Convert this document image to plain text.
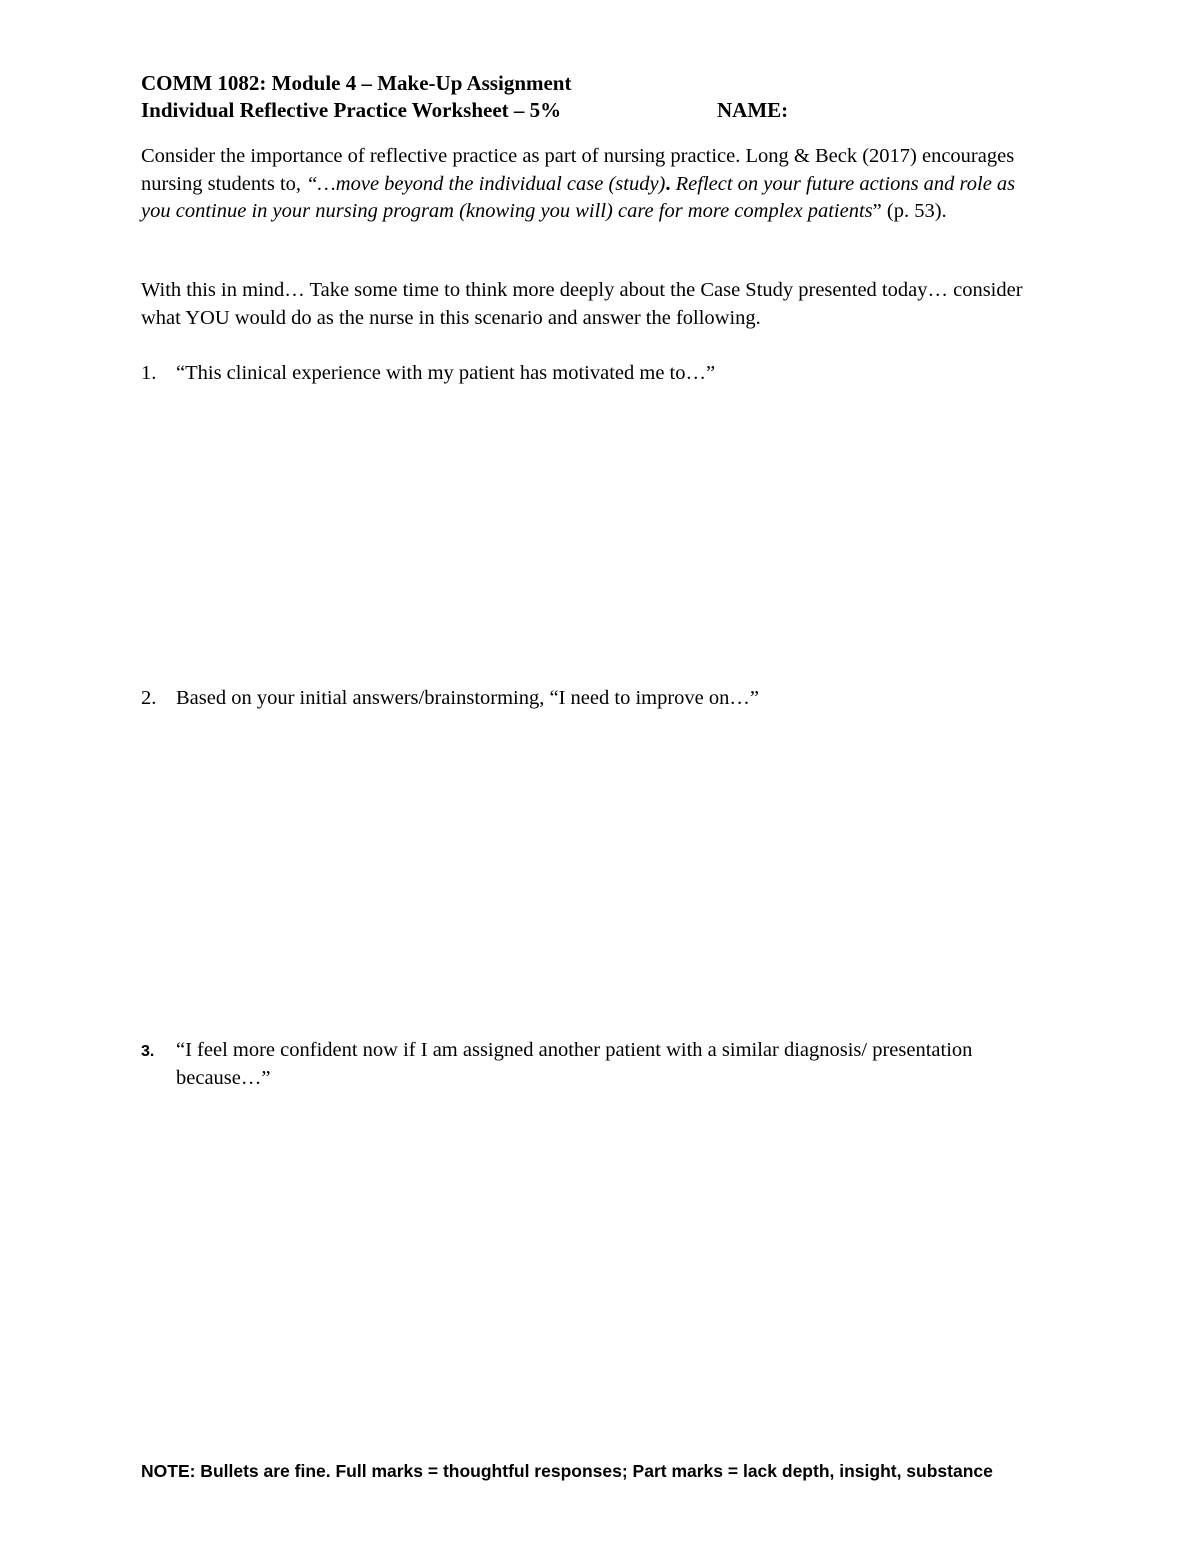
COMM 1082: Module 4 – Make-Up Assignment
Individual Reflective Practice Worksheet – 5%	NAME:
Consider the importance of reflective practice as part of nursing practice. Long & Beck (2017) encourages nursing students to, “…move beyond the individual case (study). Reflect on your future actions and role as you continue in your nursing program (knowing you will) care for more complex patients” (p. 53).
With this in mind… Take some time to think more deeply about the Case Study presented today… consider what YOU would do as the nurse in this scenario and answer the following.
1. “This clinical experience with my patient has motivated me to…”
2. Based on your initial answers/brainstorming, “I need to improve on…”
3. “I feel more confident now if I am assigned another patient with a similar diagnosis/ presentation because…”
NOTE: Bullets are fine. Full marks = thoughtful responses; Part marks = lack depth, insight, substance
